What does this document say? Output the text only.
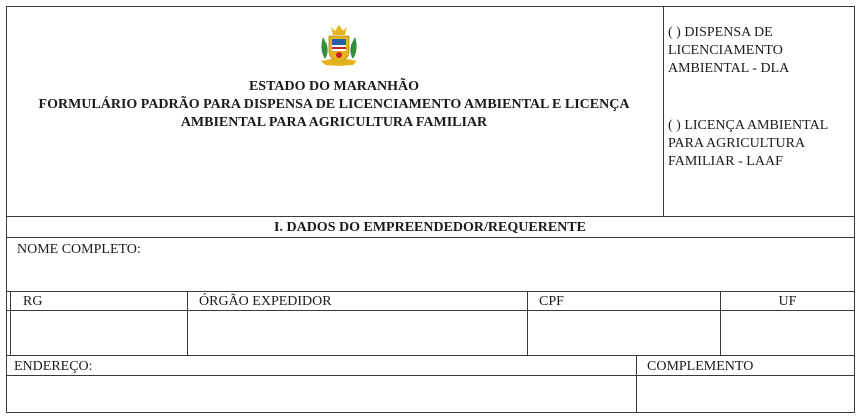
ESTADO DO MARANHÃO
FORMULÁRIO PADRÃO PARA DISPENSA DE LICENCIAMENTO AMBIENTAL E LICENÇA
AMBIENTAL PARA AGRICULTURA FAMILIAR
( ) DISPENSA DE
LICENCIAMENTO
AMBIENTAL - DLA
( ) LICENÇA AMBIENTAL
PARA AGRICULTURA
FAMILIAR - LAAF
I. DADOS DO EMPREENDEDOR/REQUERENTE
NOME COMPLETO:
RG	ÓRGÃO EXPEDIDOR	CPF	UF
ENDEREÇO:	COMPLEMENTO
